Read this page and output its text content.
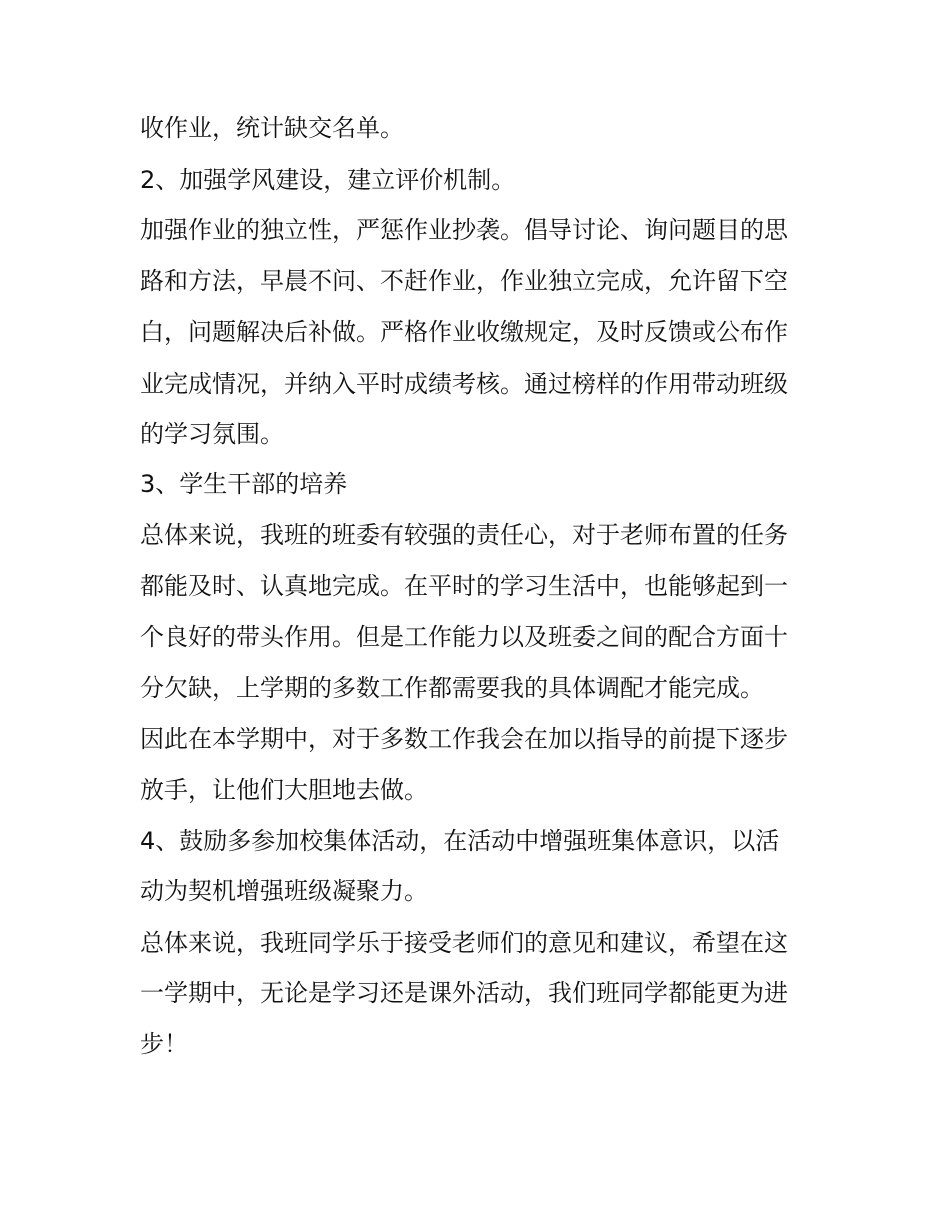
收作业，统计缺交名单。
2、加强学风建设，建立评价机制。
加强作业的独立性，严惩作业抄袭。倡导讨论、询问题目的思
路和方法，早晨不问、不赶作业，作业独立完成，允许留下空
白，问题解决后补做。严格作业收缴规定，及时反馈或公布作
业完成情况，并纳入平时成绩考核。通过榜样的作用带动班级
的学习氛围。
3、学生干部的培养
总体来说，我班的班委有较强的责任心，对于老师布置的任务
都能及时、认真地完成。在平时的学习生活中，也能够起到一
个良好的带头作用。但是工作能力以及班委之间的配合方面十
分欠缺，上学期的多数工作都需要我的具体调配才能完成。
因此在本学期中，对于多数工作我会在加以指导的前提下逐步
放手，让他们大胆地去做。
4、鼓励多参加校集体活动，在活动中增强班集体意识，以活
动为契机增强班级凝聚力。
总体来说，我班同学乐于接受老师们的意见和建议，希望在这
一学期中，无论是学习还是课外活动，我们班同学都能更为进
步！
